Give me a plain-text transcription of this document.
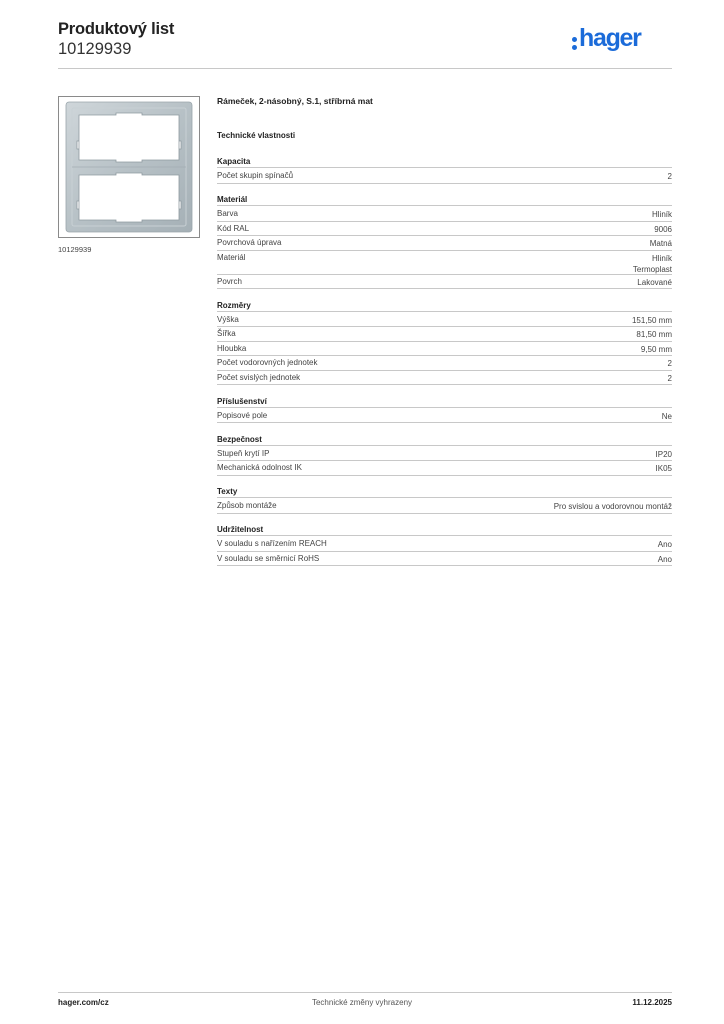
Produktový list
10129939	hager
10129939
Rámeček, 2-násobný, S.1, stříbrná mat
Technické vlastnosti
Kapacita
Počet skupin spínačů	2
Materiál
Barva	Hliník
Kód RAL	9006
Povrchová úprava	Matná
Materiál	Hliník
Termoplast
Povrch	Lakované
Rozměry
Výška	151,50 mm
Šířka	81,50 mm
Hloubka	9,50 mm
Počet vodorovných jednotek	2
Počet svislých jednotek	2
Příslušenství
Popisové pole	Ne
Bezpečnost
Stupeň krytí IP	IP20
Mechanická odolnost IK	IK05
Texty
Způsob montáže	Pro svislou a vodorovnou montáž
Udržitelnost
V souladu s nařízením REACH	Ano
V souladu se směrnicí RoHS	Ano
hager.com/cz	Technické změny vyhrazeny	11.12.2025
